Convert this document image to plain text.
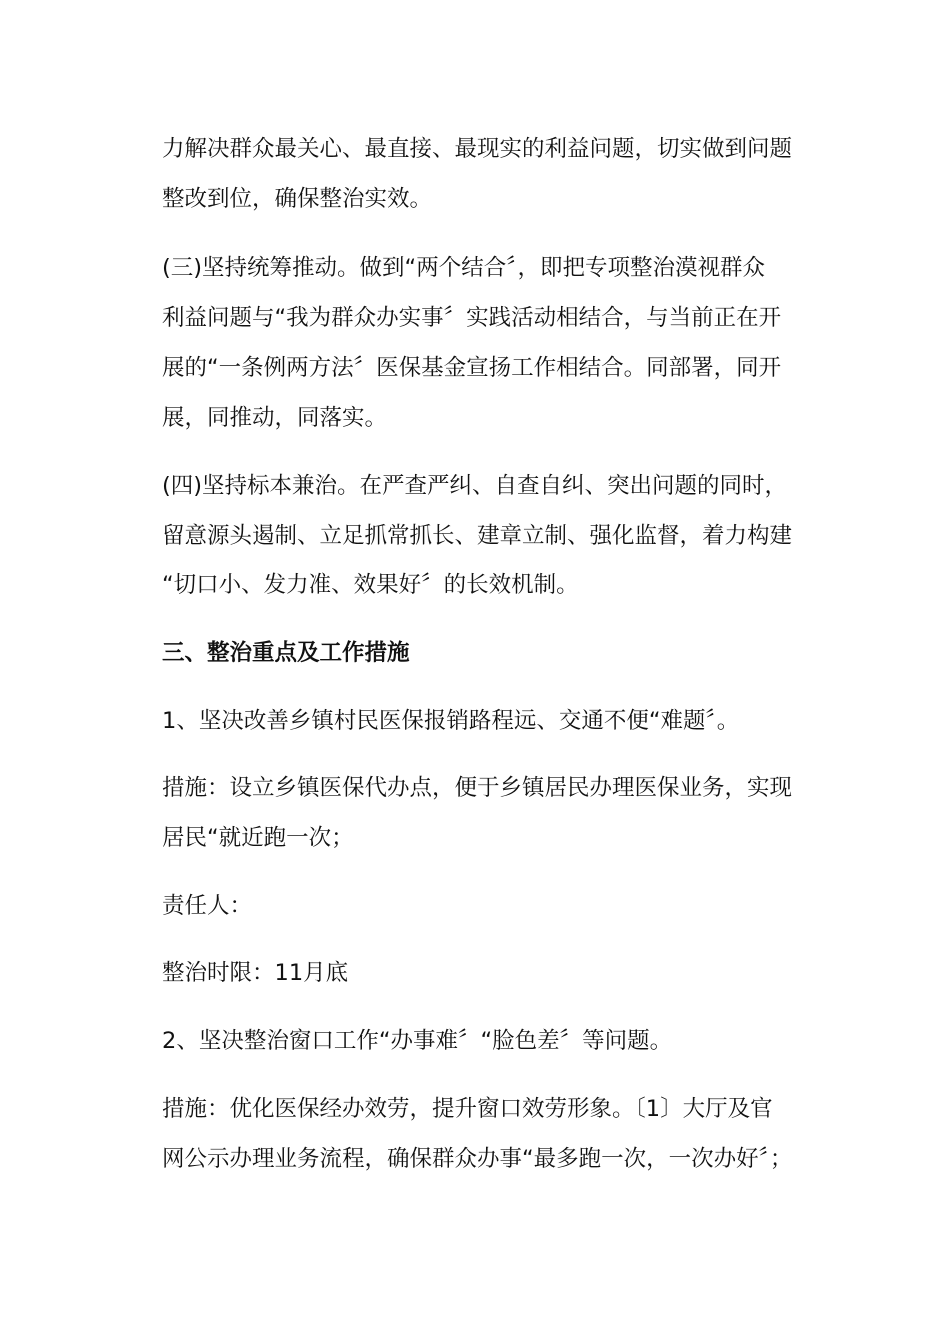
力解决群众最关心、最直接、最现实的利益问题，切实做到问题

整改到位，确保整治实效。

(三)坚持统筹推动。做到“两个结合〞，即把专项整治漠视群众

利益问题与“我为群众办实事〞实践活动相结合，与当前正在开

展的“一条例两方法〞医保基金宣扬工作相结合。同部署，同开

展，同推动，同落实。

(四)坚持标本兼治。在严查严纠、自查自纠、突出问题的同时，

留意源头遏制、立足抓常抓长、建章立制、强化监督，着力构建

“切口小、发力准、效果好〞的长效机制。

三、整治重点及工作措施

1、坚决改善乡镇村民医保报销路程远、交通不便“难题〞。

措施：设立乡镇医保代办点，便于乡镇居民办理医保业务，实现

居民“就近跑一次；

责任人：

整治时限：11月底

2、坚决整治窗口工作“办事难〞“脸色差〞等问题。

措施：优化医保经办效劳，提升窗口效劳形象。〔1〕大厅及官

网公示办理业务流程，确保群众办事“最多跑一次，一次办好〞；
